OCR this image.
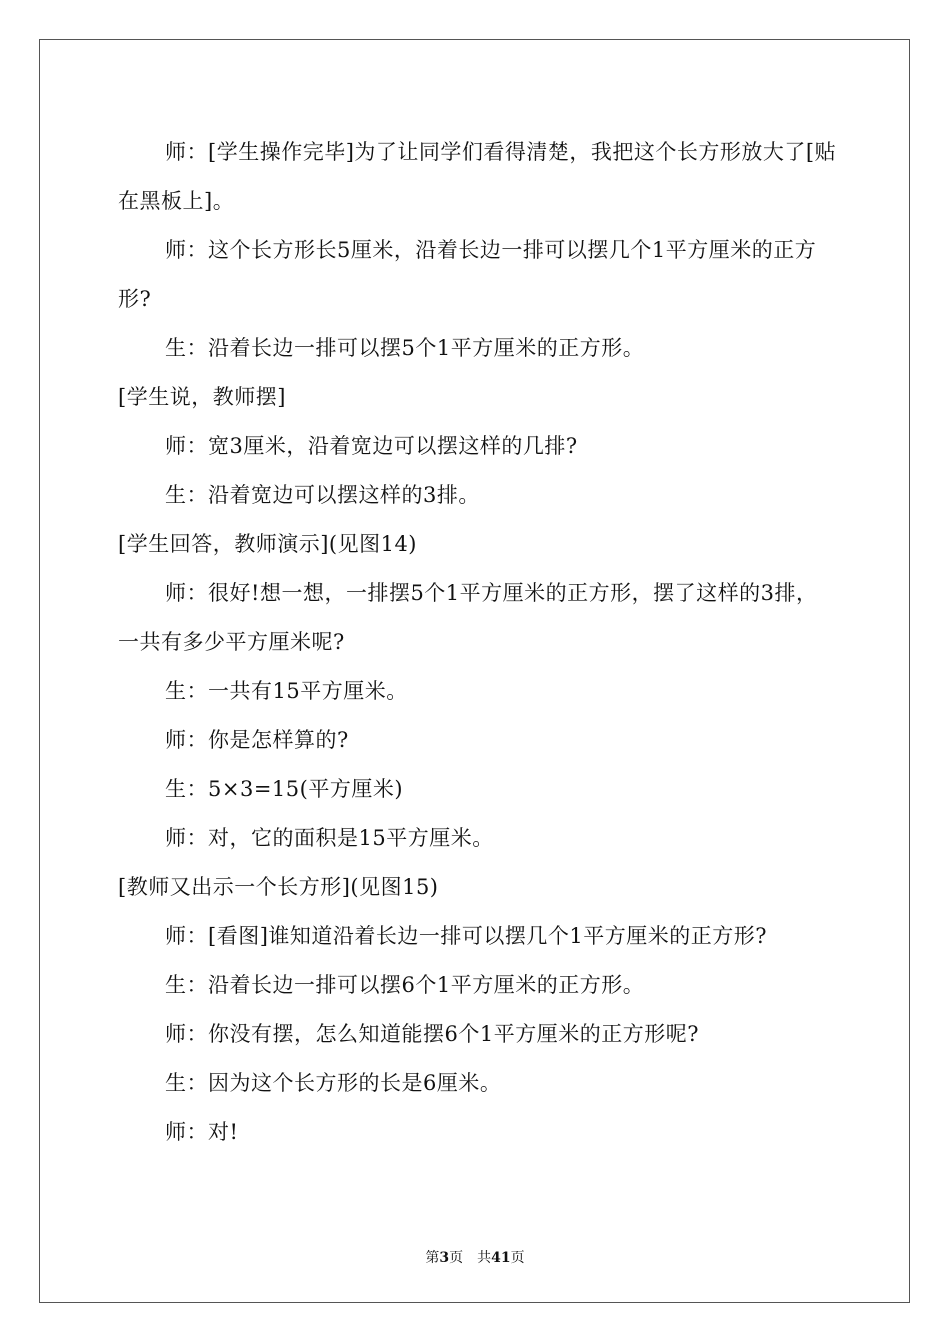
师：[学生操作完毕]为了让同学们看得清楚，我把这个长方形放大了[贴在黑板上]。

师：这个长方形长5厘米，沿着长边一排可以摆几个1平方厘米的正方形?

生：沿着长边一排可以摆5个1平方厘米的正方形。

[学生说，教师摆]

师：宽3厘米，沿着宽边可以摆这样的几排?

生：沿着宽边可以摆这样的3排。

[学生回答，教师演示](见图14)

师：很好!想一想，一排摆5个1平方厘米的正方形，摆了这样的3排，一共有多少平方厘米呢?

生：一共有15平方厘米。

师：你是怎样算的?

生：5×3=15(平方厘米)

师：对，它的面积是15平方厘米。

[教师又出示一个长方形](见图15)

师：[看图]谁知道沿着长边一排可以摆几个1平方厘米的正方形?

生：沿着长边一排可以摆6个1平方厘米的正方形。

师：你没有摆，怎么知道能摆6个1平方厘米的正方形呢?

生：因为这个长方形的长是6厘米。

师：对!

第3页 共41页
